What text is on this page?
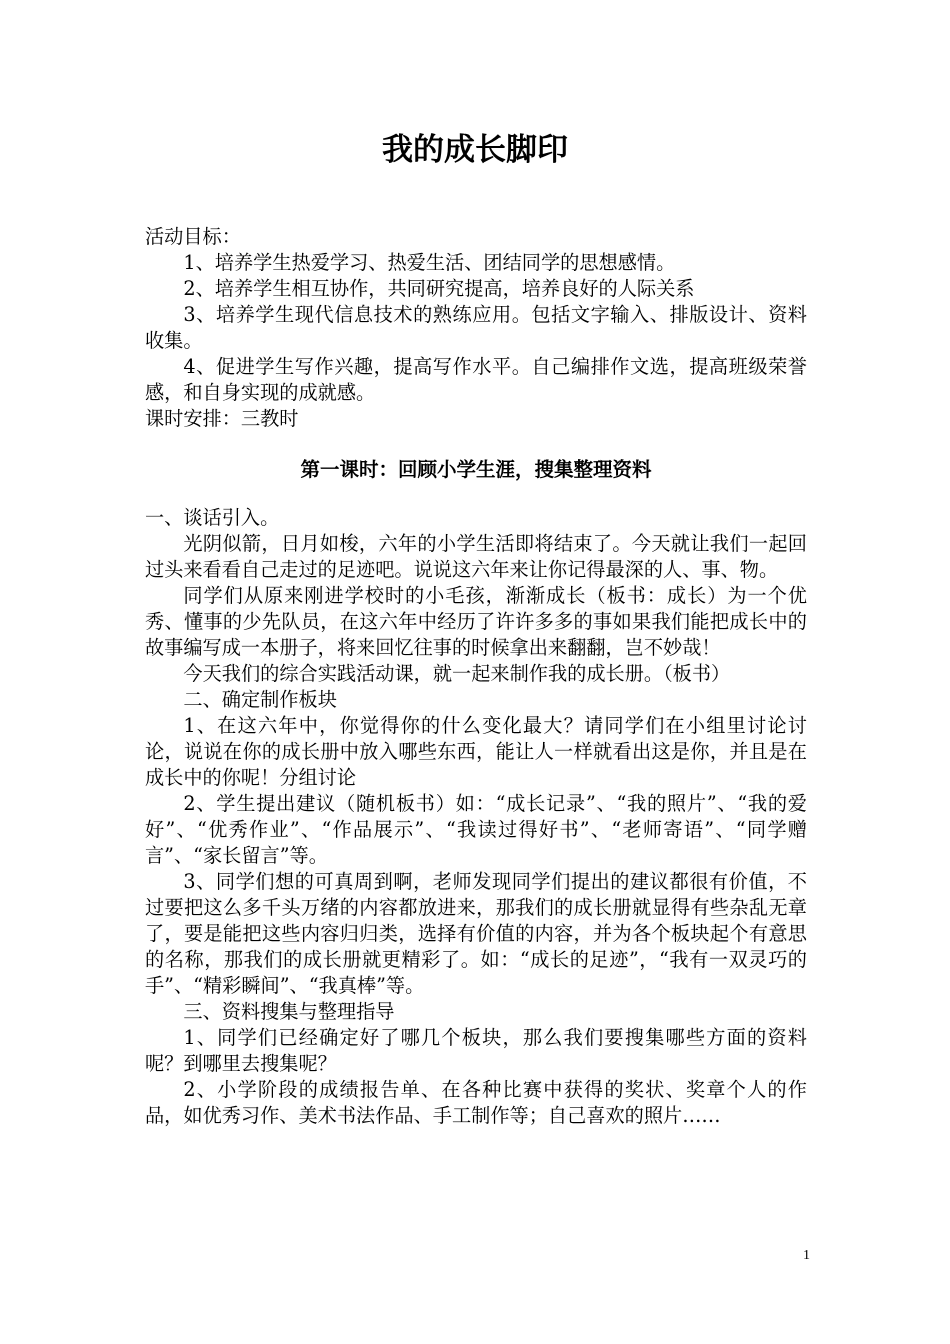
我的成长脚印

活动目标：

1、培养学生热爱学习、热爱生活、团结同学的思想感情。

2、培养学生相互协作，共同研究提高，培养良好的人际关系

3、培养学生现代信息技术的熟练应用。包括文字输入、排版设计、资料收集。

4、促进学生写作兴趣，提高写作水平。自己编排作文选，提高班级荣誉感，和自身实现的成就感。

课时安排：三教时

第一课时：回顾小学生涯，搜集整理资料

一、谈话引入。

光阴似箭，日月如梭，六年的小学生活即将结束了。今天就让我们一起回过头来看看自己走过的足迹吧。说说这六年来让你记得最深的人、事、物。

同学们从原来刚进学校时的小毛孩，渐渐成长（板书：成长）为一个优秀、懂事的少先队员，在这六年中经历了许许多多的事如果我们能把成长中的故事编写成一本册子，将来回忆往事的时候拿出来翻翻，岂不妙哉！

今天我们的综合实践活动课，就一起来制作我的成长册。（板书）

二、确定制作板块

1、在这六年中，你觉得你的什么变化最大？请同学们在小组里讨论讨论，说说在你的成长册中放入哪些东西，能让人一样就看出这是你，并且是在成长中的你呢！分组讨论

2、学生提出建议（随机板书）如：“成长记录”、“我的照片”、“我的爱好”、“优秀作业”、“作品展示”、“我读过得好书”、“老师寄语”、“同学赠言”、“家长留言”等。

3、同学们想的可真周到啊，老师发现同学们提出的建议都很有价值，不过要把这么多千头万绪的内容都放进来，那我们的成长册就显得有些杂乱无章了，要是能把这些内容归归类，选择有价值的内容，并为各个板块起个有意思的名称，那我们的成长册就更精彩了。如：“成长的足迹”，“我有一双灵巧的手”、“精彩瞬间”、“我真棒”等。

三、资料搜集与整理指导

1、同学们已经确定好了哪几个板块，那么我们要搜集哪些方面的资料呢？到哪里去搜集呢？

2、小学阶段的成绩报告单、在各种比赛中获得的奖状、奖章个人的作品，如优秀习作、美术书法作品、手工制作等；自己喜欢的照片……

1
